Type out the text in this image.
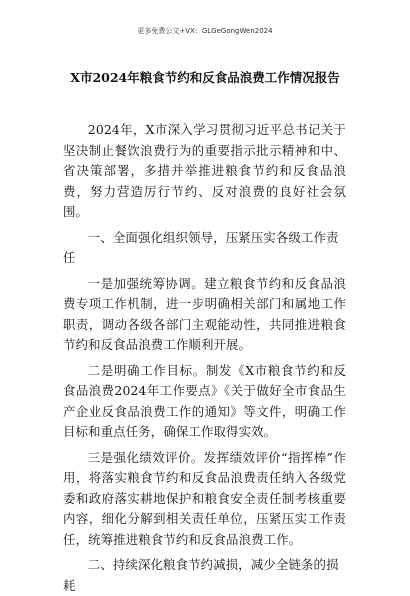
更多免费公文+VX：GLGeGongWen2024
X市2024年粮食节约和反食品浪费工作情况报告

2024年，X市深入学习贯彻习近平总书记关于坚决制止餐饮浪费行为的重要指示批示精神和中、省决策部署，多措并举推进粮食节约和反食品浪费，努力营造厉行节约、反对浪费的良好社会氛围。

一、全面强化组织领导，压紧压实各级工作责任

一是加强统筹协调。建立粮食节约和反食品浪费专项工作机制，进一步明确相关部门和属地工作职责，调动各级各部门主观能动性，共同推进粮食节约和反食品浪费工作顺利开展。

二是明确工作目标。制发《X市粮食节约和反食品浪费2024年工作要点》《关于做好全市食品生产企业反食品浪费工作的通知》等文件，明确工作目标和重点任务，确保工作取得实效。

三是强化绩效评价。发挥绩效评价“指挥棒”作用，将落实粮食节约和反食品浪费责任纳入各级党委和政府落实耕地保护和粮食安全责任制考核重要内容，细化分解到相关责任单位，压紧压实工作责任，统筹推进粮食节约和反食品浪费工作。

二、持续深化粮食节约减损，减少全链条的损耗
